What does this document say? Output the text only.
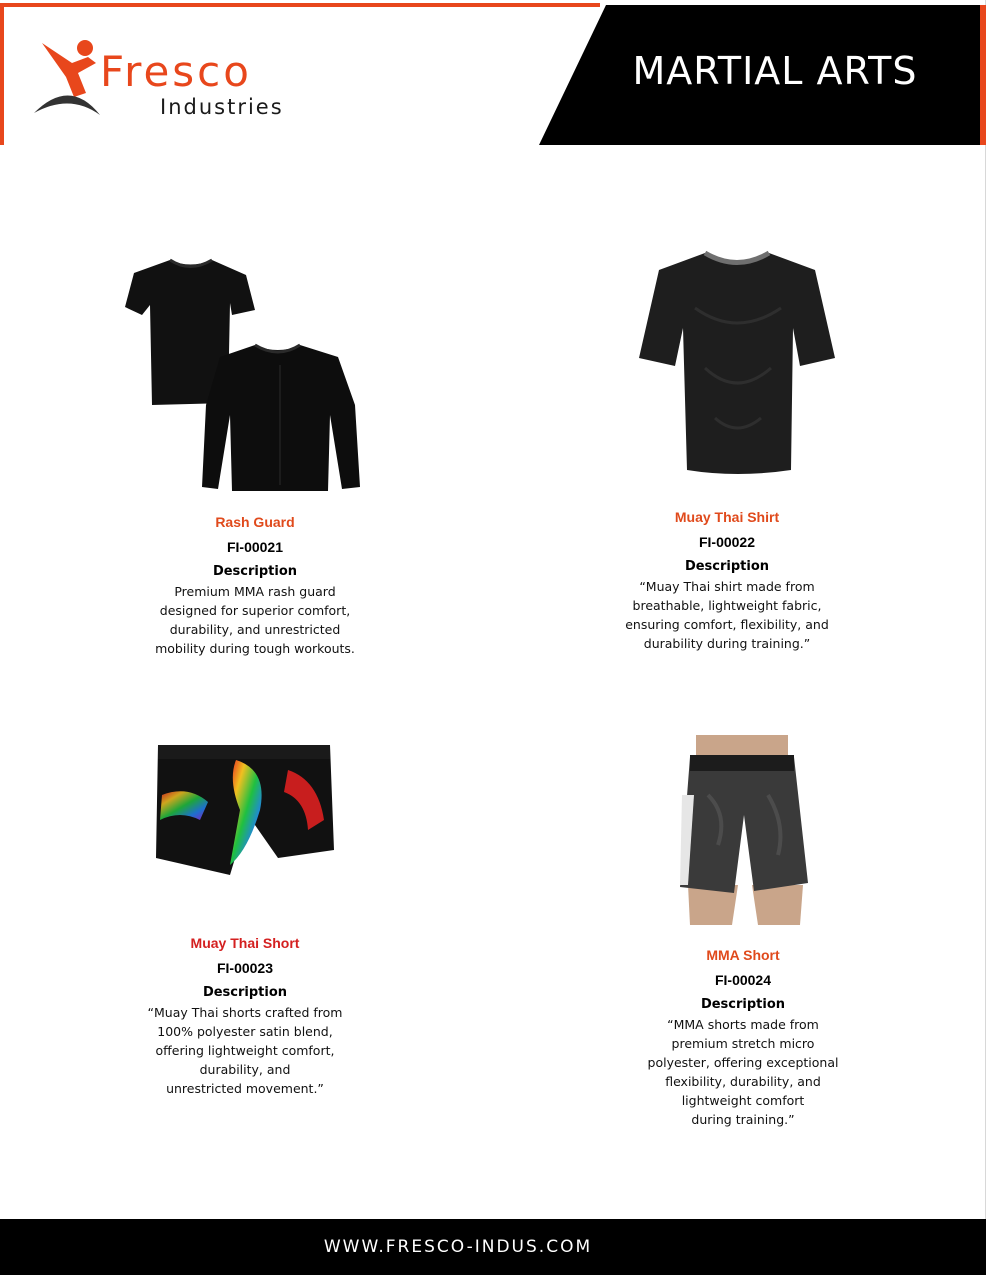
Fresco
Industries
MARTIAL ARTS
Rash Guard
FI-00021
Description
Premium MMA rash guard
designed for superior comfort,
durability, and unrestricted
mobility during tough workouts.
Muay Thai Shirt
FI-00022
Description
“Muay Thai shirt made from
breathable, lightweight fabric,
ensuring comfort, flexibility, and
durability during training.”
Muay Thai Short
FI-00023
Description
“Muay Thai shorts crafted from
100% polyester satin blend,
offering lightweight comfort,
durability, and
unrestricted movement.”
MMA Short
FI-00024
Description
“MMA shorts made from
premium stretch micro
polyester, offering exceptional
flexibility, durability, and
lightweight comfort
during training.”
WWW.FRESCO-INDUS.COM
